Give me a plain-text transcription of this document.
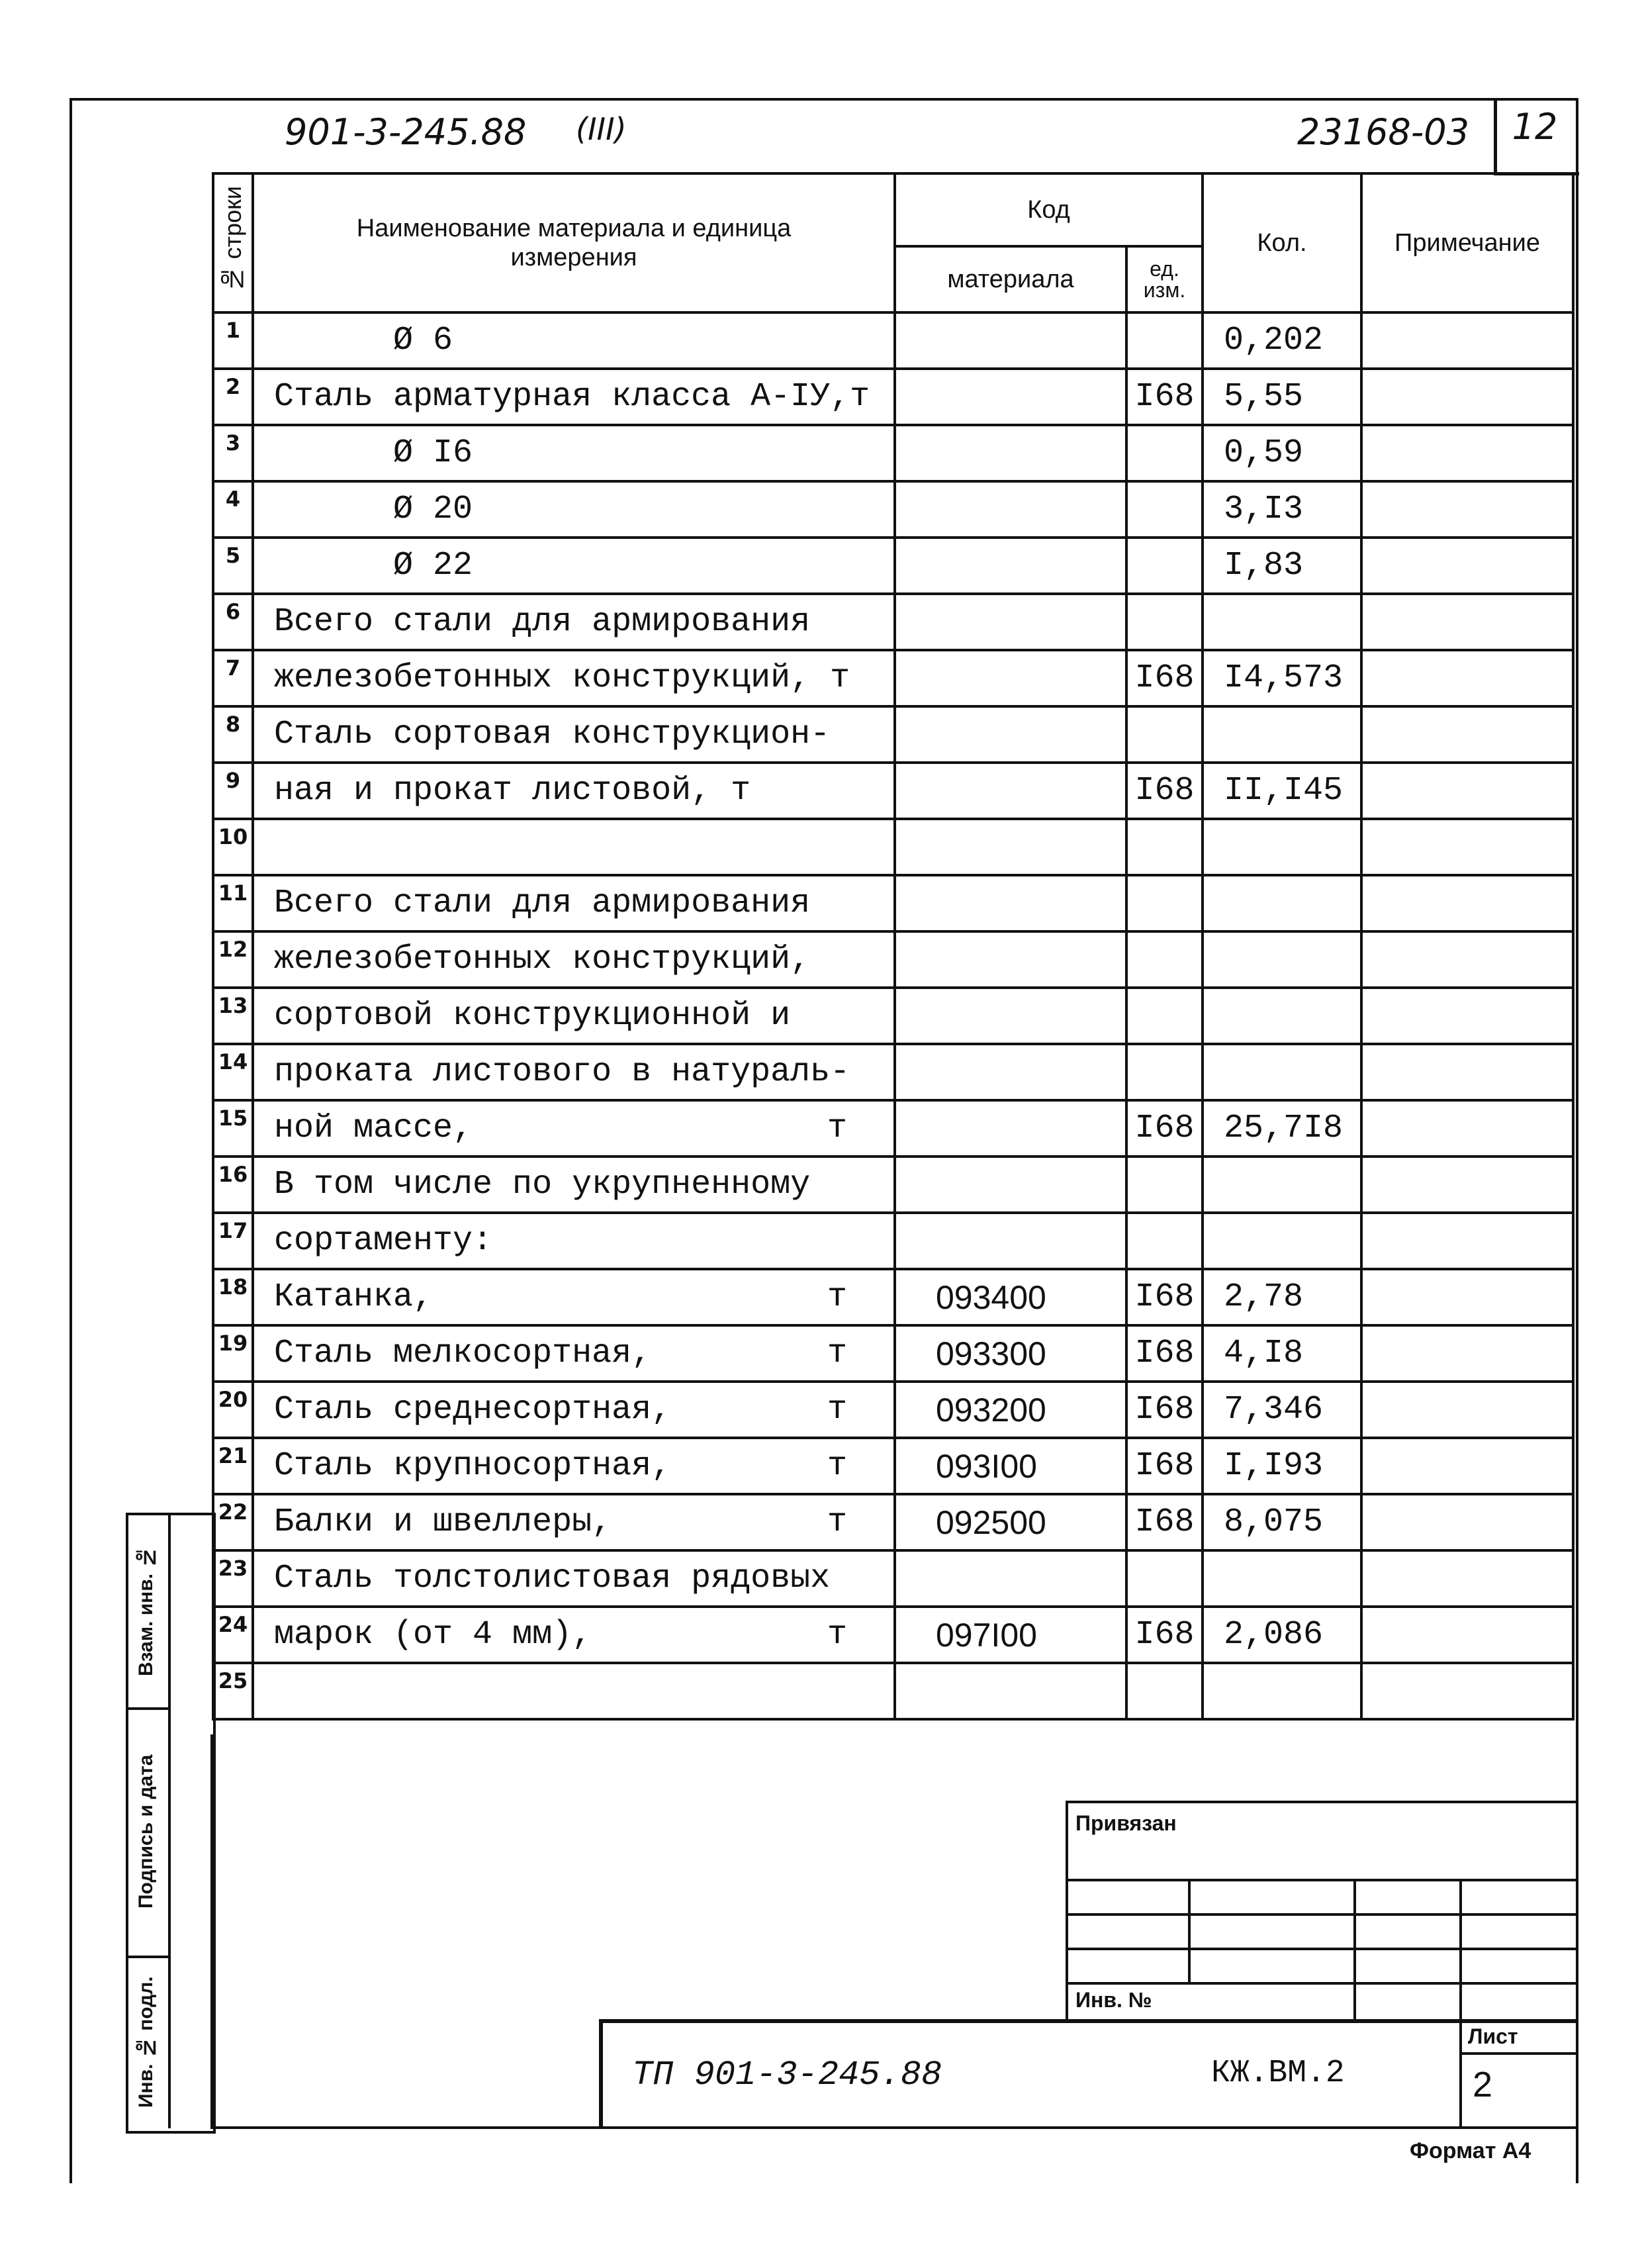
901-3-245.88 (III)	23168-03	12
№ строки	Наименование материала и единица измерения	Код		Кол.	Примечание
		материала	ед. изм.		
1	Ø 6			0,202	
2	Сталь арматурная класса А-IУ,т		I68	5,55	
3	Ø I6			0,59	
4	Ø 20			3,I3	
5	Ø 22			I,83	
6	Всего стали для армирования				
7	железобетонных конструкций, т		I68	I4,573	
8	Сталь сортовая конструкцион-				
9	ная и прокат листовой, т		I68	II,I45	
10					
11	Всего стали для армирования				
12	железобетонных конструкций,				
13	сортовой конструкционной и				
14	проката листового в натураль-				
15	ной массе, т		I68	25,7I8	
16	В том числе по укрупненному				
17	сортаменту:				
18	Катанка, т	093400	I68	2,78	
19	Сталь мелкосортная, т	093300	I68	4,I8	
20	Сталь среднесортная, т	093200	I68	7,346	
21	Сталь крупносортная, т	093I00	I68	I,I93	
22	Балки и швеллеры, т	092500	I68	8,075	
23	Сталь толстолистовая рядовых				
24	марок (от 4 мм), т	097I00	I68	2,086	
25					
Взам. инв. №
Подпись и дата
Инв. № подл.
Привязан
Инв. №
ТП 901-3-245.88	КЖ.ВМ.2
Лист
2
Формат А4
